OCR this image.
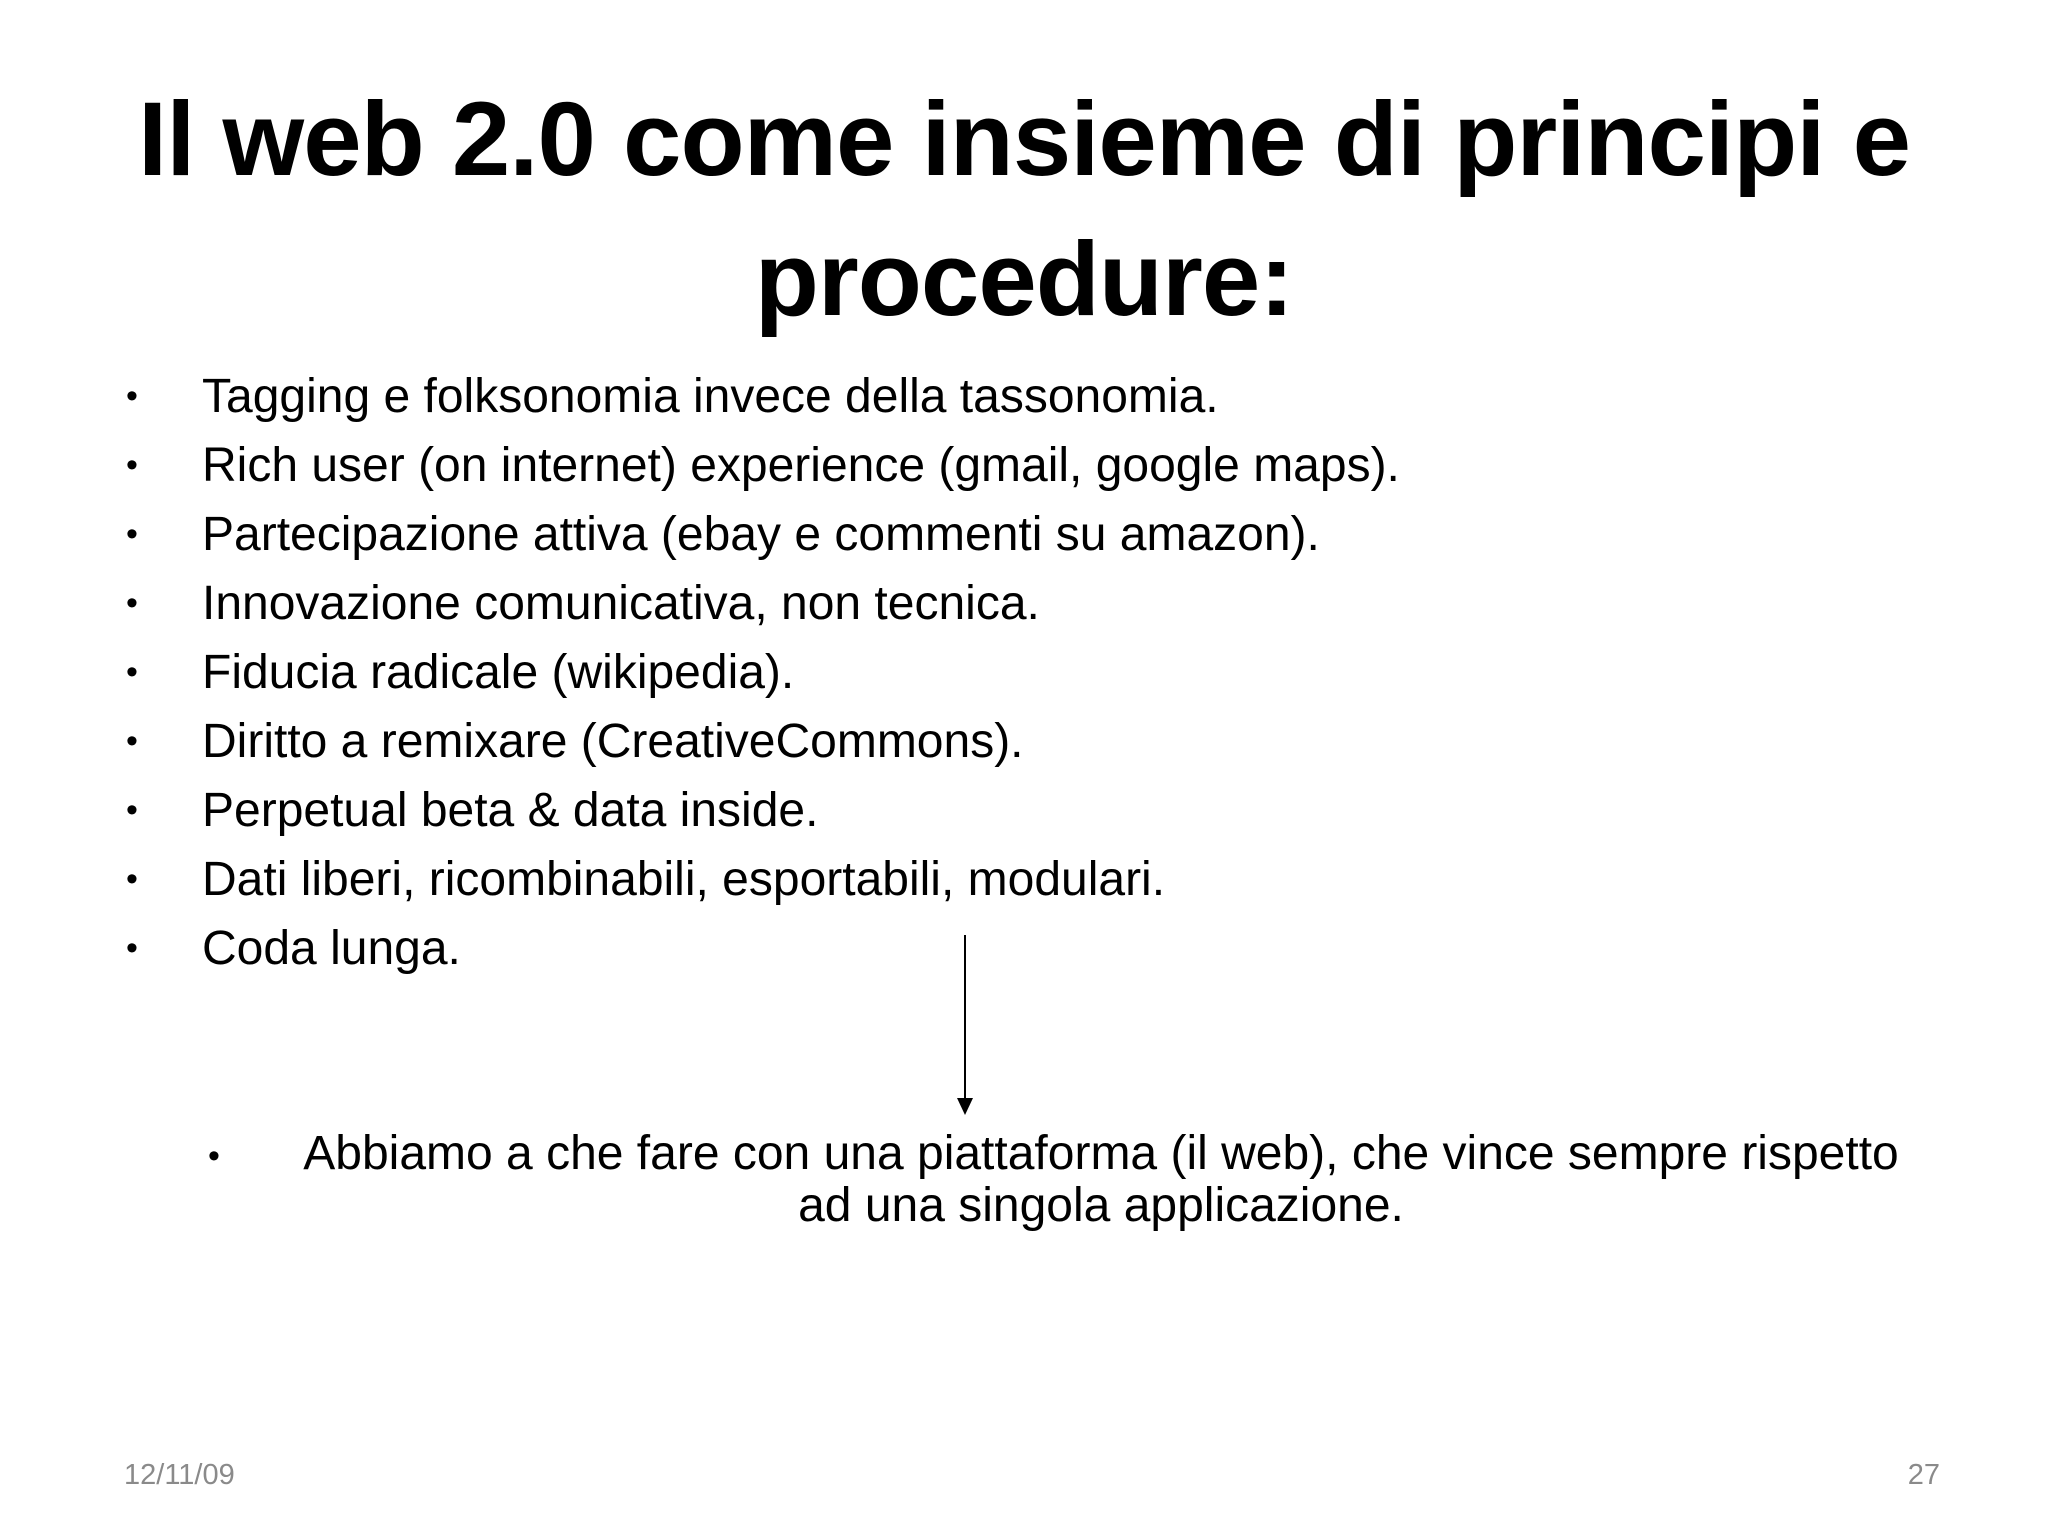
Il web 2.0 come insieme di principi e procedure:
• Tagging e folksonomia invece della tassonomia.
• Rich user (on internet) experience (gmail, google maps).
• Partecipazione attiva (ebay e commenti su amazon).
• Innovazione comunicativa, non tecnica.
• Fiducia radicale (wikipedia).
• Diritto a remixare (CreativeCommons).
• Perpetual beta & data inside.
• Dati liberi, ricombinabili, esportabili, modulari.
• Coda lunga.
•	Abbiamo a che fare con una piattaforma (il web), che vince sempre rispetto ad una singola applicazione.
12/11/09	27
